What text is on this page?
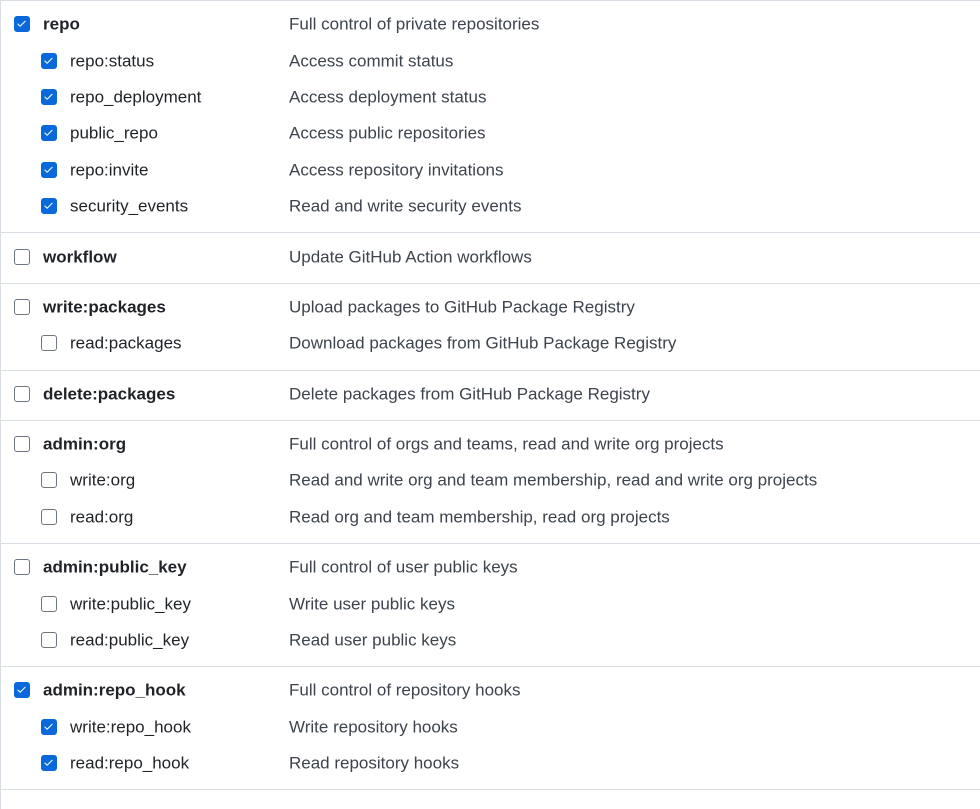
repo	Full control of private repositories
repo:status	Access commit status
repo_deployment	Access deployment status
public_repo	Access public repositories
repo:invite	Access repository invitations
security_events	Read and write security events
workflow	Update GitHub Action workflows
write:packages	Upload packages to GitHub Package Registry
read:packages	Download packages from GitHub Package Registry
delete:packages	Delete packages from GitHub Package Registry
admin:org	Full control of orgs and teams, read and write org projects
write:org	Read and write org and team membership, read and write org projects
read:org	Read org and team membership, read org projects
admin:public_key	Full control of user public keys
write:public_key	Write user public keys
read:public_key	Read user public keys
admin:repo_hook	Full control of repository hooks
write:repo_hook	Write repository hooks
read:repo_hook	Read repository hooks
